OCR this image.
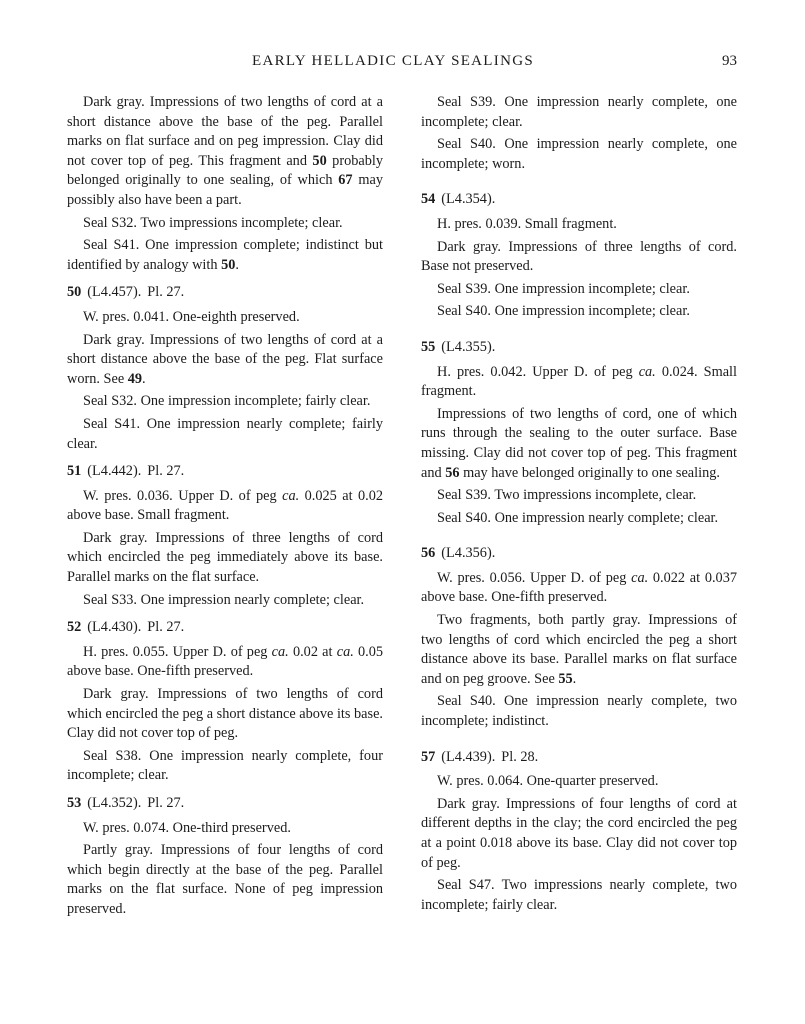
EARLY HELLADIC CLAY SEALINGS	93

Dark gray. Impressions of two lengths of cord at a short distance above the base of the peg. Parallel marks on flat surface and on peg impression. Clay did not cover top of peg. This fragment and 50 probably belonged originally to one sealing, of which 67 may possibly also have been a part.

Seal S32. Two impressions incomplete; clear.

Seal S41. One impression complete; indistinct but identified by analogy with 50.

50 (L4.457). Pl. 27.

W. pres. 0.041. One-eighth preserved.

Dark gray. Impressions of two lengths of cord at a short distance above the base of the peg. Flat surface worn. See 49.

Seal S32. One impression incomplete; fairly clear.

Seal S41. One impression nearly complete; fairly clear.

51 (L4.442). Pl. 27.

W. pres. 0.036. Upper D. of peg ca. 0.025 at 0.02 above base. Small fragment.

Dark gray. Impressions of three lengths of cord which encircled the peg immediately above its base. Parallel marks on the flat surface.

Seal S33. One impression nearly complete; clear.

52 (L4.430). Pl. 27.

H. pres. 0.055. Upper D. of peg ca. 0.02 at ca. 0.05 above base. One-fifth preserved.

Dark gray. Impressions of two lengths of cord which encircled the peg a short distance above its base. Clay did not cover top of peg.

Seal S38. One impression nearly complete, four incomplete; clear.

53 (L4.352). Pl. 27.

W. pres. 0.074. One-third preserved.

Partly gray. Impressions of four lengths of cord which begin directly at the base of the peg. Parallel marks on the flat surface. None of peg impression preserved.

Seal S39. One impression nearly complete, one incomplete; clear.

Seal S40. One impression nearly complete, one incomplete; worn.

54 (L4.354).

H. pres. 0.039. Small fragment.

Dark gray. Impressions of three lengths of cord. Base not preserved.

Seal S39. One impression incomplete; clear.

Seal S40. One impression incomplete; clear.

55 (L4.355).

H. pres. 0.042. Upper D. of peg ca. 0.024. Small fragment.

Impressions of two lengths of cord, one of which runs through the sealing to the outer surface. Base missing. Clay did not cover top of peg. This fragment and 56 may have belonged originally to one sealing.

Seal S39. Two impressions incomplete, clear.

Seal S40. One impression nearly complete; clear.

56 (L4.356).

W. pres. 0.056. Upper D. of peg ca. 0.022 at 0.037 above base. One-fifth preserved.

Two fragments, both partly gray. Impressions of two lengths of cord which encircled the peg a short distance above its base. Parallel marks on flat surface and on peg groove. See 55.

Seal S40. One impression nearly complete, two incomplete; indistinct.

57 (L4.439). Pl. 28.

W. pres. 0.064. One-quarter preserved.

Dark gray. Impressions of four lengths of cord at different depths in the clay; the cord encircled the peg at a point 0.018 above its base. Clay did not cover top of peg.

Seal S47. Two impressions nearly complete, two incomplete; fairly clear.
